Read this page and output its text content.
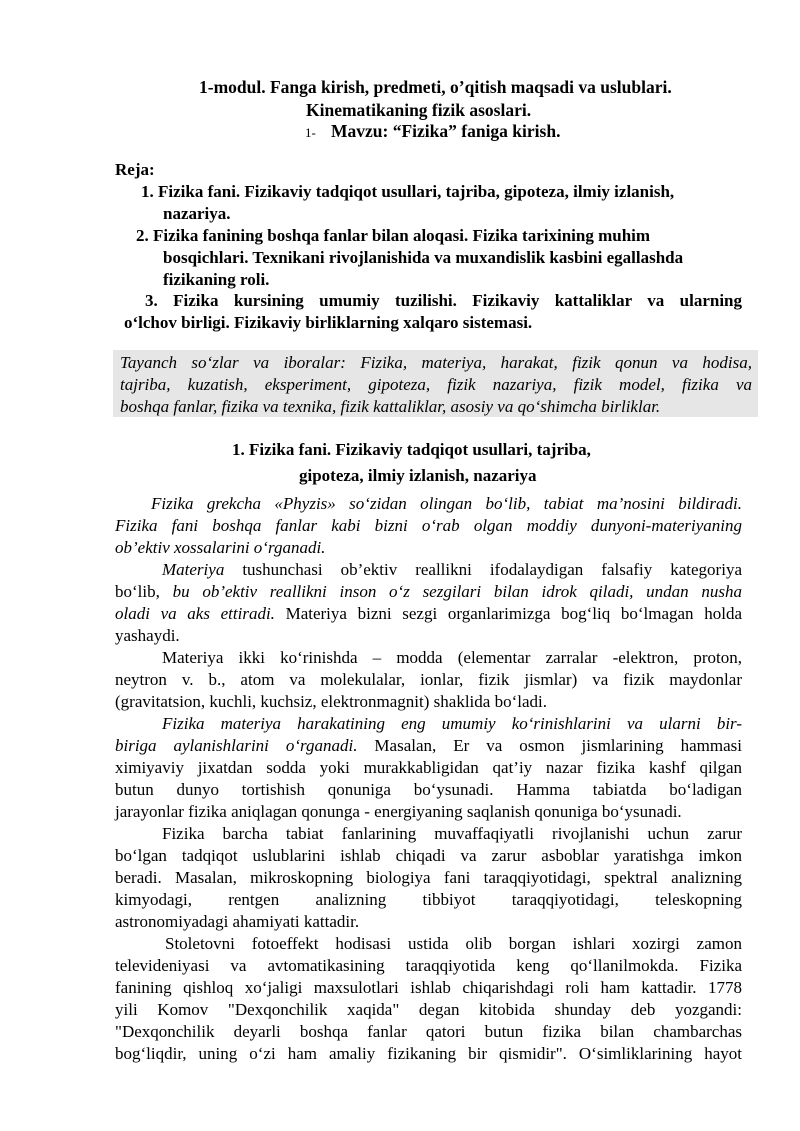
1-modul. Fanga kirish, predmeti, o’qitish maqsadi va uslublari.
Kinematikaning fizik asoslari.
1- Mavzu: “Fizika” faniga kirish.
Reja:
1. Fizika fani. Fizikaviy tadqiqot usullari, tajriba, gipoteza, ilmiy izlanish,
nazariya.
2. Fizika fanining boshqa fanlar bilan aloqasi. Fizika tarixining muhim
bosqichlari. Texnikani rivojlanishida va muxandislik kasbini egallashda
fizikaning roli.
3. Fizika kursining umumiy tuzilishi. Fizikaviy kattaliklar va ularning
o‘lchov birligi. Fizikaviy birliklarning xalqaro sistemasi.
Tayanch so‘zlar va iboralar: Fizika, materiya, harakat, fizik qonun va hodisa,
tajriba, kuzatish, eksperiment, gipoteza, fizik nazariya, fizik model, fizika va
boshqa fanlar, fizika va texnika, fizik kattaliklar, asosiy va qo‘shimcha birliklar.
1. Fizika fani. Fizikaviy tadqiqot usullari, tajriba,
gipoteza, ilmiy izlanish, nazariya
Fizika grekcha «Phyzis» so‘zidan olingan bo‘lib, tabiat ma’nosini bildiradi.
Fizika fani boshqa fanlar kabi bizni o‘rab olgan moddiy dunyoni-materiyaning
ob’ektiv xossalarini o‘rganadi.
Materiya tushunchasi ob’ektiv reallikni ifodalaydigan falsafiy kategoriya
bo‘lib, bu ob’ektiv reallikni inson o‘z sezgilari bilan idrok qiladi, undan nusha
oladi va aks ettiradi. Materiya bizni sezgi organlarimizga bog‘liq bo‘lmagan holda
yashaydi.
Materiya ikki ko‘rinishda – modda (elementar zarralar -elektron, proton,
neytron v. b., atom va molekulalar, ionlar, fizik jismlar) va fizik maydonlar
(gravitatsion, kuchli, kuchsiz, elektronmagnit) shaklida bo‘ladi.
Fizika materiya harakatining eng umumiy ko‘rinishlarini va ularni bir-
biriga aylanishlarini o‘rganadi. Masalan, Er va osmon jismlarining hammasi
ximiyaviy jixatdan sodda yoki murakkabligidan qat’iy nazar fizika kashf qilgan
butun dunyo tortishish qonuniga bo‘ysunadi. Hamma tabiatda bo‘ladigan
jarayonlar fizika aniqlagan qonunga - energiyaning saqlanish qonuniga bo‘ysunadi.
Fizika barcha tabiat fanlarining muvaffaqiyatli rivojlanishi uchun zarur
bo‘lgan tadqiqot uslublarini ishlab chiqadi va zarur asboblar yaratishga imkon
beradi. Masalan, mikroskopning biologiya fani taraqqiyotidagi, spektral analizning
kimyodagi, rentgen analizning tibbiyot taraqqiyotidagi, teleskopning
astronomiyadagi ahamiyati kattadir.
Stoletovni fotoeffekt hodisasi ustida olib borgan ishlari xozirgi zamon
televideniyasi va avtomatikasining taraqqiyotida keng qo‘llanilmokda. Fizika
fanining qishloq xo‘jaligi maxsulotlari ishlab chiqarishdagi roli ham kattadir. 1778
yili Komov "Dexqonchilik xaqida" degan kitobida shunday deb yozgandi:
"Dexqonchilik deyarli boshqa fanlar qatori butun fizika bilan chambarchas
bog‘liqdir, uning o‘zi ham amaliy fizikaning bir qismidir". O‘simliklarining hayot
